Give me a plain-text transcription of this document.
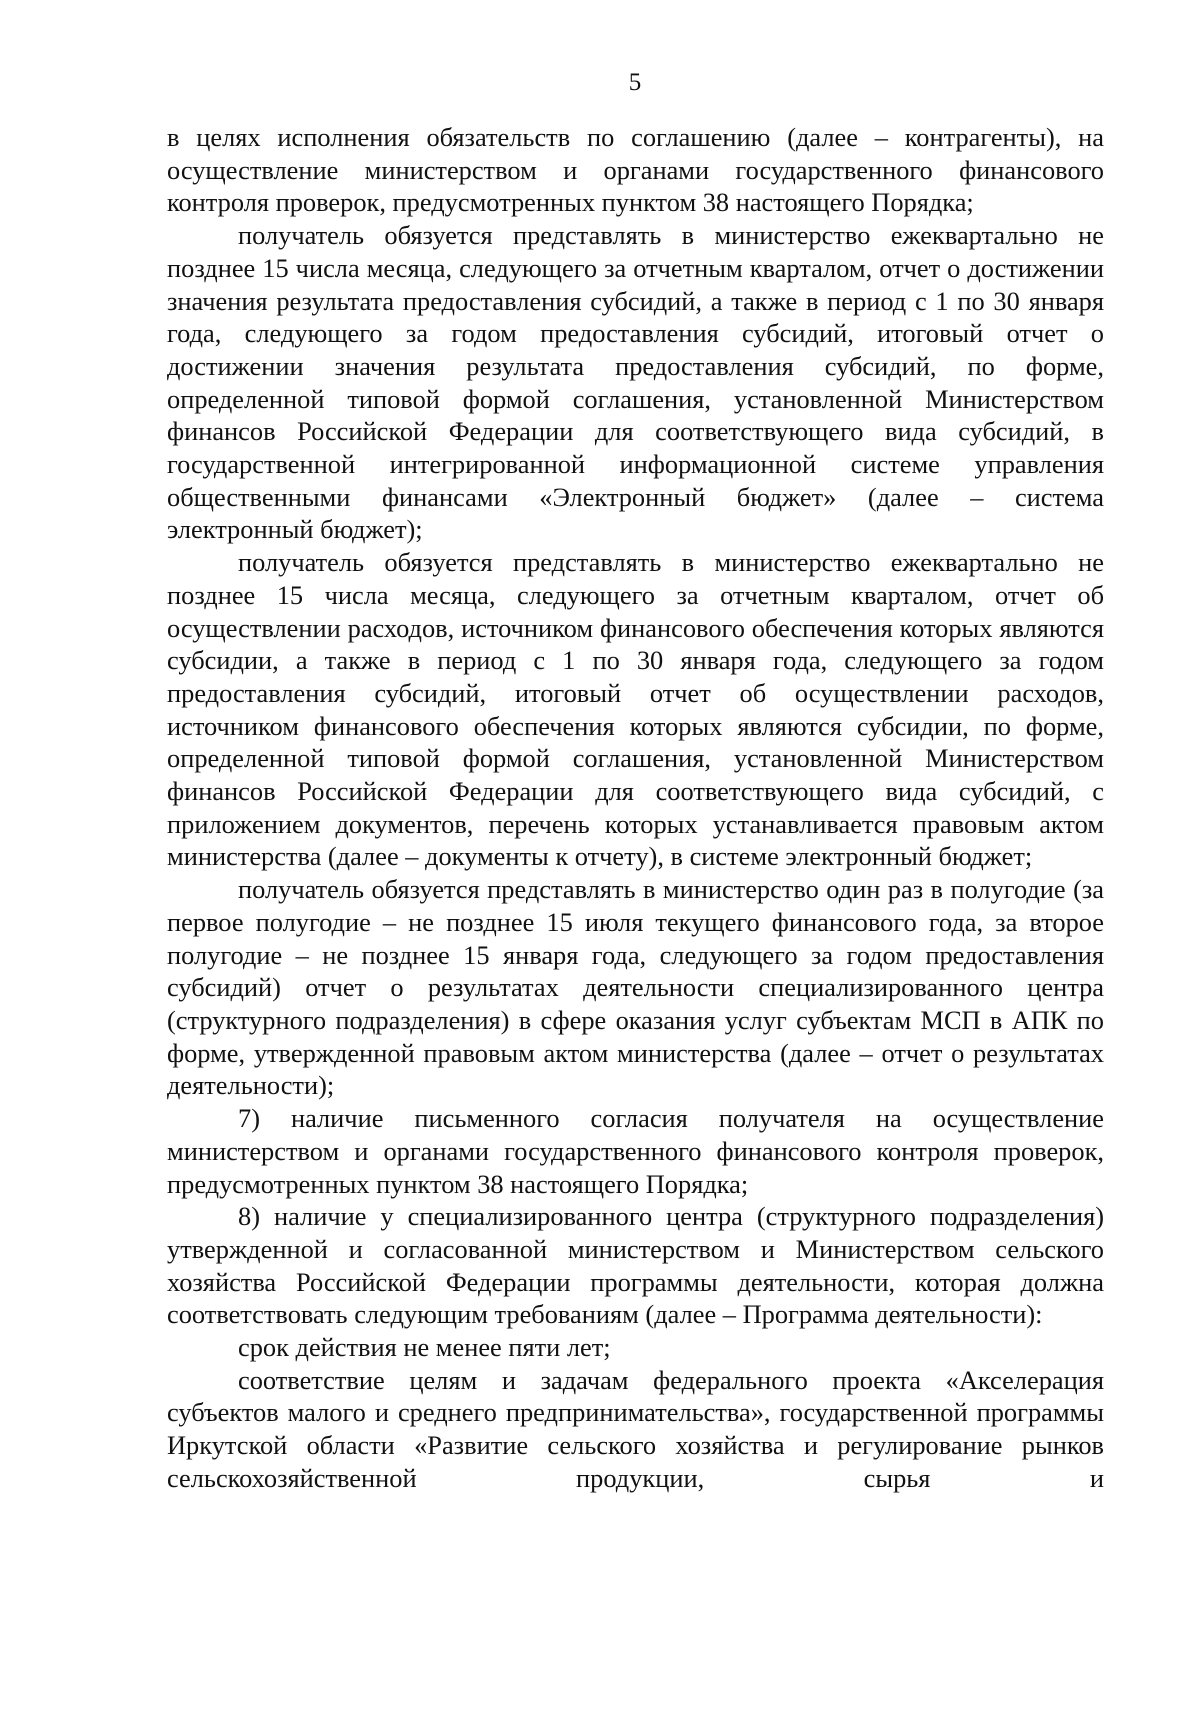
5

в целях исполнения обязательств по соглашению (далее – контрагенты), на осуществление министерством и органами государственного финансового контроля проверок, предусмотренных пунктом 38 настоящего Порядка;

получатель обязуется представлять в министерство ежеквартально не позднее 15 числа месяца, следующего за отчетным кварталом, отчет о достижении значения результата предоставления субсидий, а также в период с 1 по 30 января года, следующего за годом предоставления субсидий, итоговый отчет о достижении значения результата предоставления субсидий, по форме, определенной типовой формой соглашения, установленной Министерством финансов Российской Федерации для соответствующего вида субсидий, в государственной интегрированной информационной системе управления общественными финансами «Электронный бюджет» (далее – система электронный бюджет);

получатель обязуется представлять в министерство ежеквартально не позднее 15 числа месяца, следующего за отчетным кварталом, отчет об осуществлении расходов, источником финансового обеспечения которых являются субсидии, а также в период с 1 по 30 января года, следующего за годом предоставления субсидий, итоговый отчет об осуществлении расходов, источником финансового обеспечения которых являются субсидии, по форме, определенной типовой формой соглашения, установленной Министерством финансов Российской Федерации для соответствующего вида субсидий, с приложением документов, перечень которых устанавливается правовым актом министерства (далее – документы к отчету), в системе электронный бюджет;

получатель обязуется представлять в министерство один раз в полугодие (за первое полугодие – не позднее 15 июля текущего финансового года, за второе полугодие – не позднее 15 января года, следующего за годом предоставления субсидий) отчет о результатах деятельности специализированного центра (структурного подразделения) в сфере оказания услуг субъектам МСП в АПК по форме, утвержденной правовым актом министерства (далее – отчет о результатах деятельности);

7) наличие письменного согласия получателя на осуществление министерством и органами государственного финансового контроля проверок, предусмотренных пунктом 38 настоящего Порядка;

8) наличие у специализированного центра (структурного подразделения) утвержденной и согласованной министерством и Министерством сельского хозяйства Российской Федерации программы деятельности, которая должна соответствовать следующим требованиям (далее – Программа деятельности):

срок действия не менее пяти лет;

соответствие целям и задачам федерального проекта «Акселерация субъектов малого и среднего предпринимательства», государственной программы Иркутской области «Развитие сельского хозяйства и регулирование рынков сельскохозяйственной продукции, сырья и
